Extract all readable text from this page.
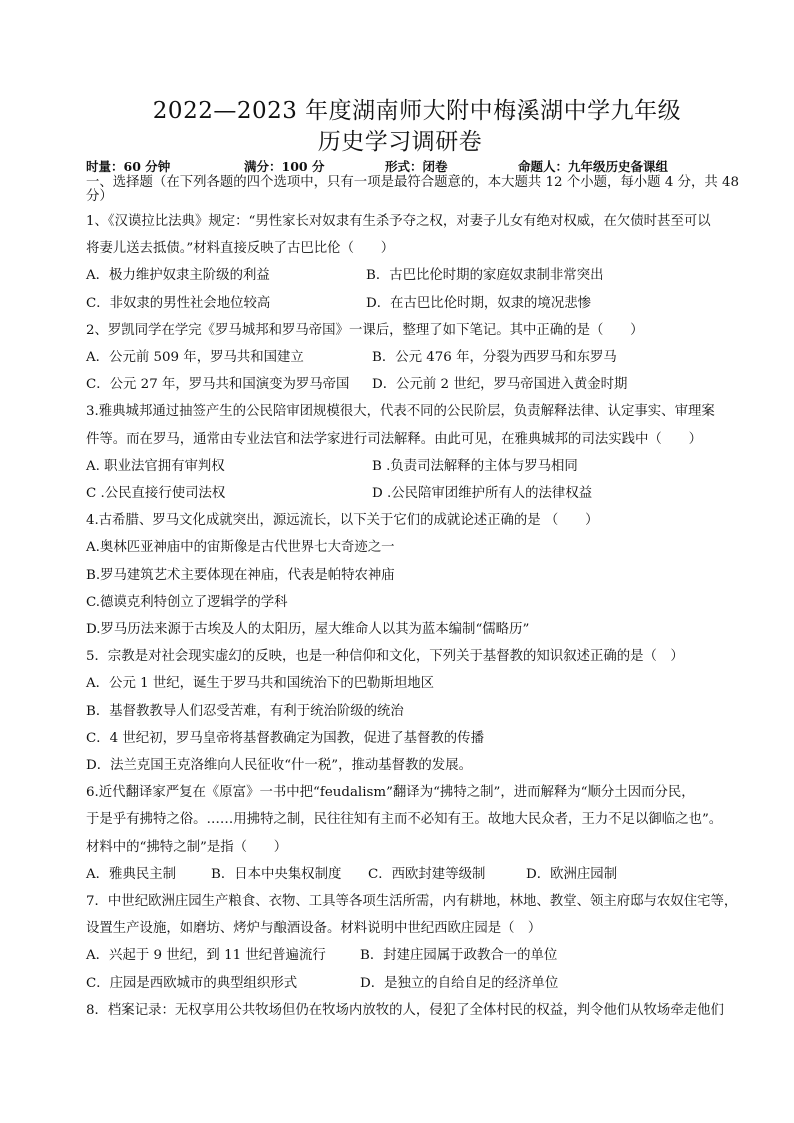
2022—2023 年度湖南师大附中梅溪湖中学九年级
历史学习调研卷
时量：60 分钟	满分：100 分	形式：闭卷	命题人：九年级历史备课组
一、选择题（在下列各题的四个选项中，只有一项是最符合题意的，本大题共 12 个小题，每小题 4 分，共 48 分）
1、《汉谟拉比法典》规定：“男性家长对奴隶有生杀予夺之权，对妻子儿女有绝对权威，在欠债时甚至可以
将妻儿送去抵债。”材料直接反映了古巴比伦（　　）
A．极力维护奴隶主阶级的利益	B．古巴比伦时期的家庭奴隶制非常突出
C．非奴隶的男性社会地位较高	D．在古巴比伦时期，奴隶的境况悲惨
2、罗凯同学在学完《罗马城邦和罗马帝国》一课后，整理了如下笔记。其中正确的是（　　）
A．公元前 509 年，罗马共和国建立	B．公元 476 年，分裂为西罗马和东罗马
C．公元 27 年，罗马共和国演变为罗马帝国 D．公元前 2 世纪，罗马帝国进入黄金时期
3.雅典城邦通过抽签产生的公民陪审团规模很大，代表不同的公民阶层，负责解释法律、认定事实、审理案
件等。而在罗马，通常由专业法官和法学家进行司法解释。由此可见，在雅典城邦的司法实践中（　　）
A. 职业法官拥有审判权	B .负责司法解释的主体与罗马相同
C .公民直接行使司法权	D .公民陪审团维护所有人的法律权益
4.古希腊、罗马文化成就突出，源远流长，以下关于它们的成就论述正确的是 （　　）
A.奥林匹亚神庙中的宙斯像是古代世界七大奇迹之一
B.罗马建筑艺术主要体现在神庙，代表是帕特农神庙
C.德谟克利特创立了逻辑学的学科
D.罗马历法来源于古埃及人的太阳历，屋大维命人以其为蓝本编制“儒略历”
5．宗教是对社会现实虚幻的反映，也是一种信仰和文化，下列关于基督教的知识叙述正确的是（　）
A．公元 1 世纪，诞生于罗马共和国统治下的巴勒斯坦地区
B．基督教教导人们忍受苦难，有利于统治阶级的统治
C．4 世纪初，罗马皇帝将基督教确定为国教，促进了基督教的传播
D．法兰克国王克洛维向人民征收“什一税”，推动基督教的发展。
6.近代翻译家严复在《原富》一书中把“feudalism”翻译为“拂特之制”，进而解释为“顺分土因而分民，
于是乎有拂特之俗。……用拂特之制，民往往知有主而不必知有王。故地大民众者，王力不足以御临之也”。
材料中的“拂特之制”是指（　　）
A．雅典民主制	B．日本中央集权制度 C．西欧封建等级制	D．欧洲庄园制
7．中世纪欧洲庄园生产粮食、衣物、工具等各项生活所需，内有耕地，林地、教堂、领主府邸与农奴住宅等，
设置生产设施，如磨坊、烤炉与酿酒设备。材料说明中世纪西欧庄园是（　）
A．兴起于 9 世纪，到 11 世纪普遍流行	B．封建庄园属于政教合一的单位
C．庄园是西欧城市的典型组织形式	D．是独立的自给自足的经济单位
8．档案记录：无权享用公共牧场但仍在牧场内放牧的人，侵犯了全体村民的权益，判令他们从牧场牵走他们
